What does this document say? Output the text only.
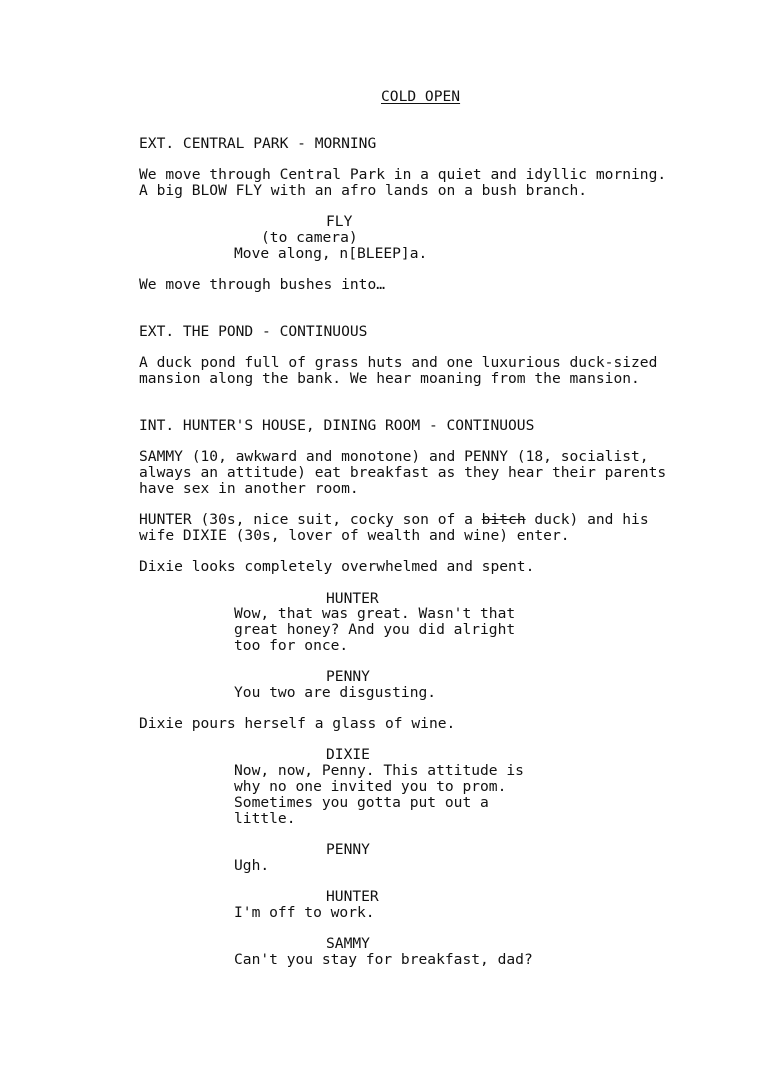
COLD OPEN
EXT. CENTRAL PARK - MORNING
We move through Central Park in a quiet and idyllic morning.
A big BLOW FLY with an afro lands on a bush branch.
FLY
(to camera)
Move along, n[BLEEP]a.
We move through bushes into…
EXT. THE POND - CONTINUOUS
A duck pond full of grass huts and one luxurious duck-sized
mansion along the bank. We hear moaning from the mansion.
INT. HUNTER'S HOUSE, DINING ROOM - CONTINUOUS
SAMMY (10, awkward and monotone) and PENNY (18, socialist,
always an attitude) eat breakfast as they hear their parents
have sex in another room.
HUNTER (30s, nice suit, cocky son of a bitch duck) and his
wife DIXIE (30s, lover of wealth and wine) enter.
Dixie looks completely overwhelmed and spent.
HUNTER
Wow, that was great. Wasn't that
great honey? And you did alright
too for once.
PENNY
You two are disgusting.
Dixie pours herself a glass of wine.
DIXIE
Now, now, Penny. This attitude is
why no one invited you to prom.
Sometimes you gotta put out a
little.
PENNY
Ugh.
HUNTER
I'm off to work.
SAMMY
Can't you stay for breakfast, dad?
